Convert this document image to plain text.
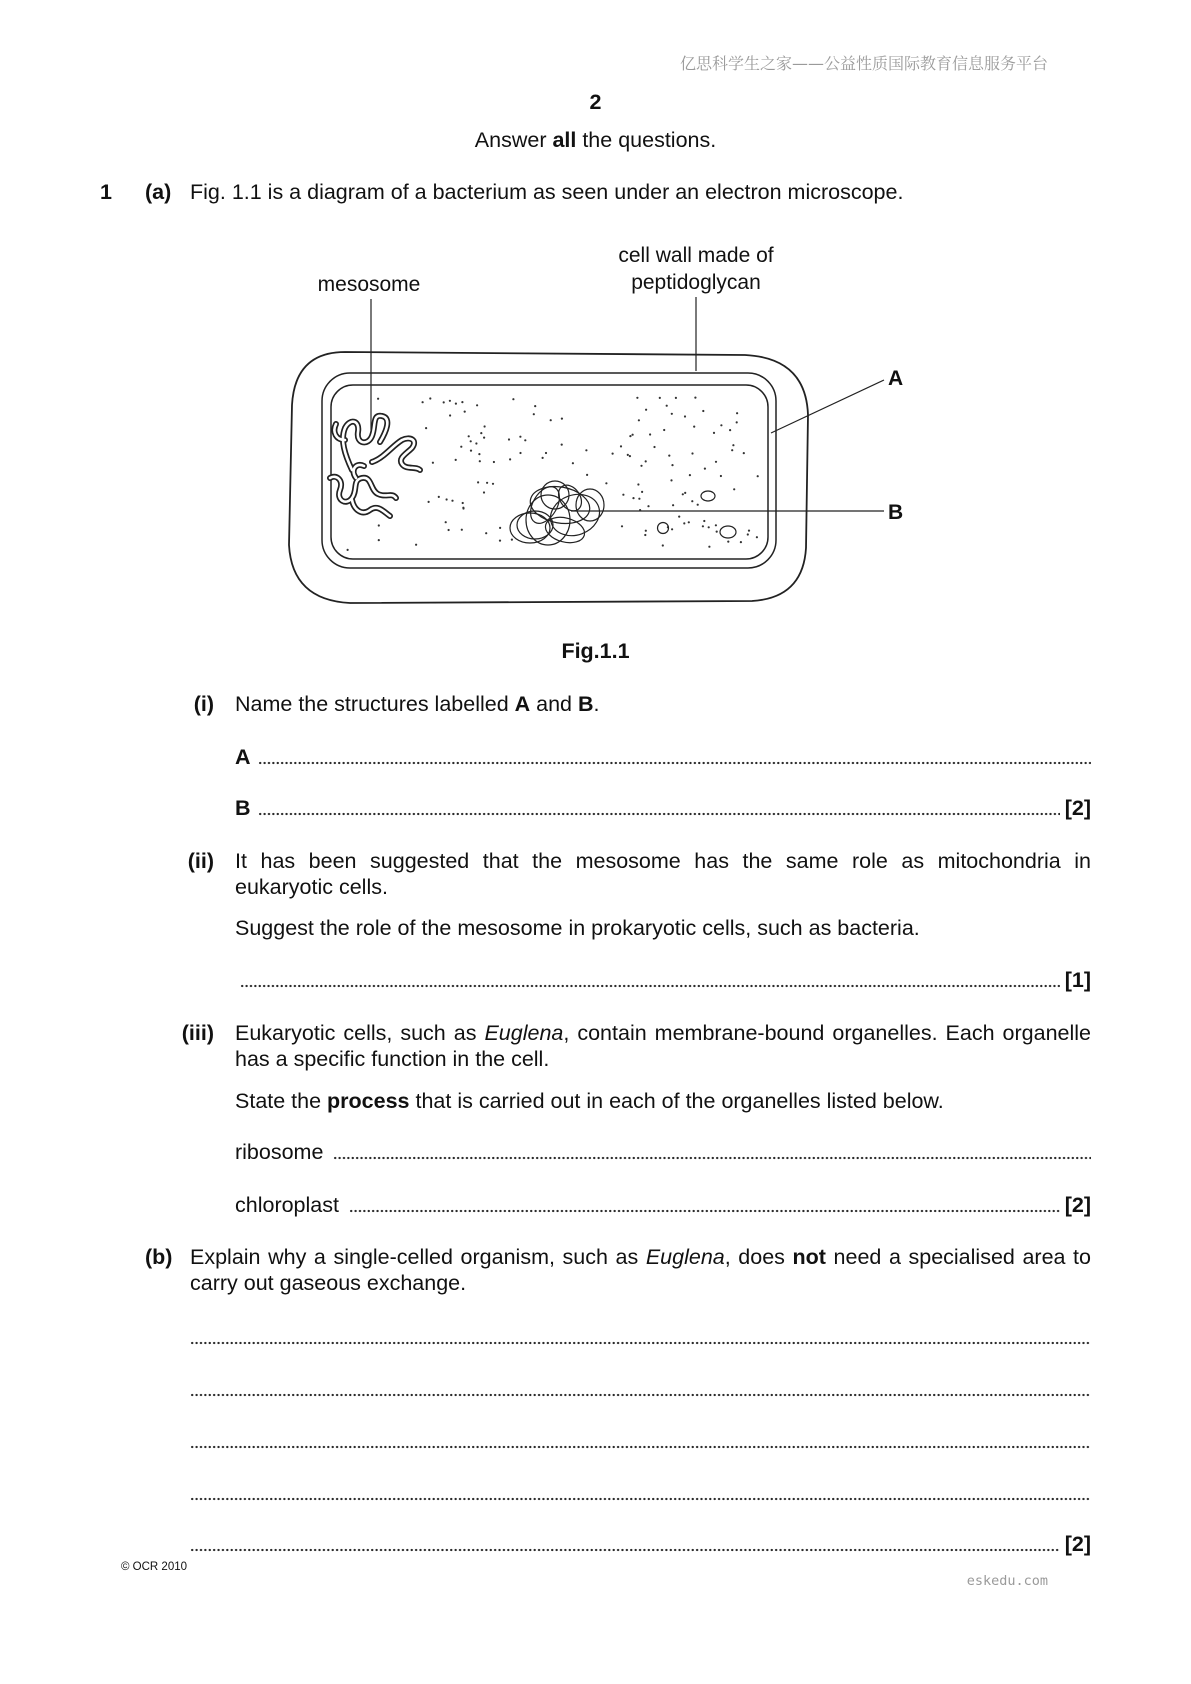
亿思科学生之家——公益性质国际教育信息服务平台
2
Answer all the questions.
1 (a) Fig. 1.1 is a diagram of a bacterium as seen under an electron microscope.
cell wall made of
peptidoglycan
mesosome
A
B
Fig.1.1
(i) Name the structures labelled A and B.
A
B	[2]
(ii) It has been suggested that the mesosome has the same role as mitochondria in eukaryotic cells.
Suggest the role of the mesosome in prokaryotic cells, such as bacteria.
[1]
(iii) Eukaryotic cells, such as Euglena, contain membrane-bound organelles. Each organelle has a specific function in the cell.
State the process that is carried out in each of the organelles listed below.
ribosome
chloroplast	[2]
(b) Explain why a single-celled organism, such as Euglena, does not need a specialised area to carry out gaseous exchange.
[2]
© OCR 2010
eskedu.com
